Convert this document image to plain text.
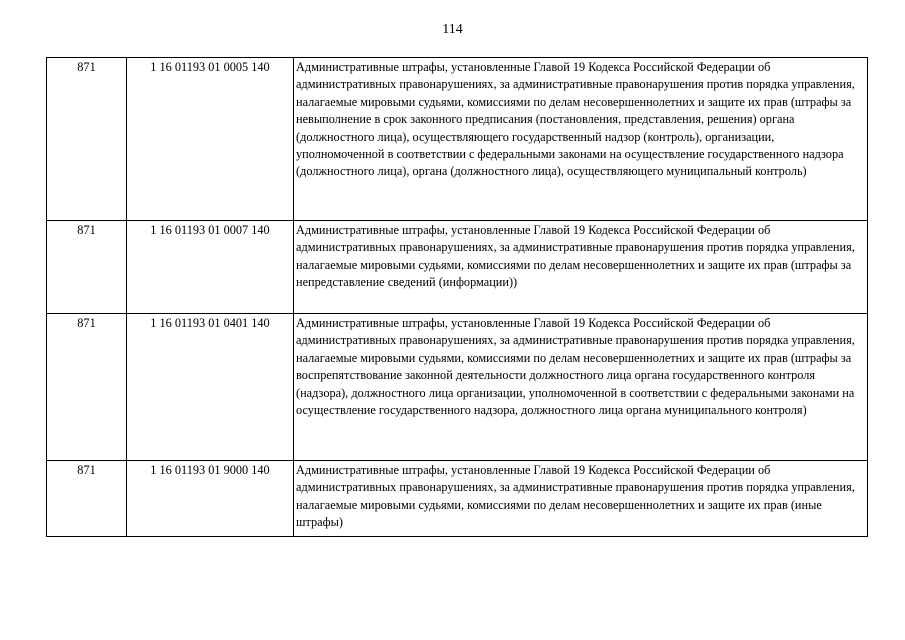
114
871	1 16 01193 01 0005 140	Административные штрафы, установленные Главой 19 Кодекса Российской Федерации об административных правонарушениях, за административные правонарушения против порядка управления, налагаемые мировыми судьями, комиссиями по делам несовершеннолетних и защите их прав (штрафы за невыполнение в срок законного предписания (постановления, представления, решения) органа (должностного лица), осуществляющего государственный надзор (контроль), организации, уполномоченной в соответствии с федеральными законами на осуществление государственного надзора (должностного лица), органа (должностного лица), осуществляющего муниципальный контроль)
871	1 16 01193 01 0007 140	Административные штрафы, установленные Главой 19 Кодекса Российской Федерации об административных правонарушениях, за административные правонарушения против порядка управления, налагаемые мировыми судьями, комиссиями по делам несовершеннолетних и защите их прав (штрафы за непредставление сведений (информации))
871	1 16 01193 01 0401 140	Административные штрафы, установленные Главой 19 Кодекса Российской Федерации об административных правонарушениях, за административные правонарушения против порядка управления, налагаемые мировыми судьями, комиссиями по делам несовершеннолетних и защите их прав (штрафы за воспрепятствование законной деятельности должностного лица органа государственного контроля (надзора), должностного лица организации, уполномоченной в соответствии с федеральными законами на осуществление государственного надзора, должностного лица органа муниципального контроля)
871	1 16 01193 01 9000 140	Административные штрафы, установленные Главой 19 Кодекса Российской Федерации об административных правонарушениях, за административные правонарушения против порядка управления, налагаемые мировыми судьями, комиссиями по делам несовершеннолетних и защите их прав (иные штрафы)
